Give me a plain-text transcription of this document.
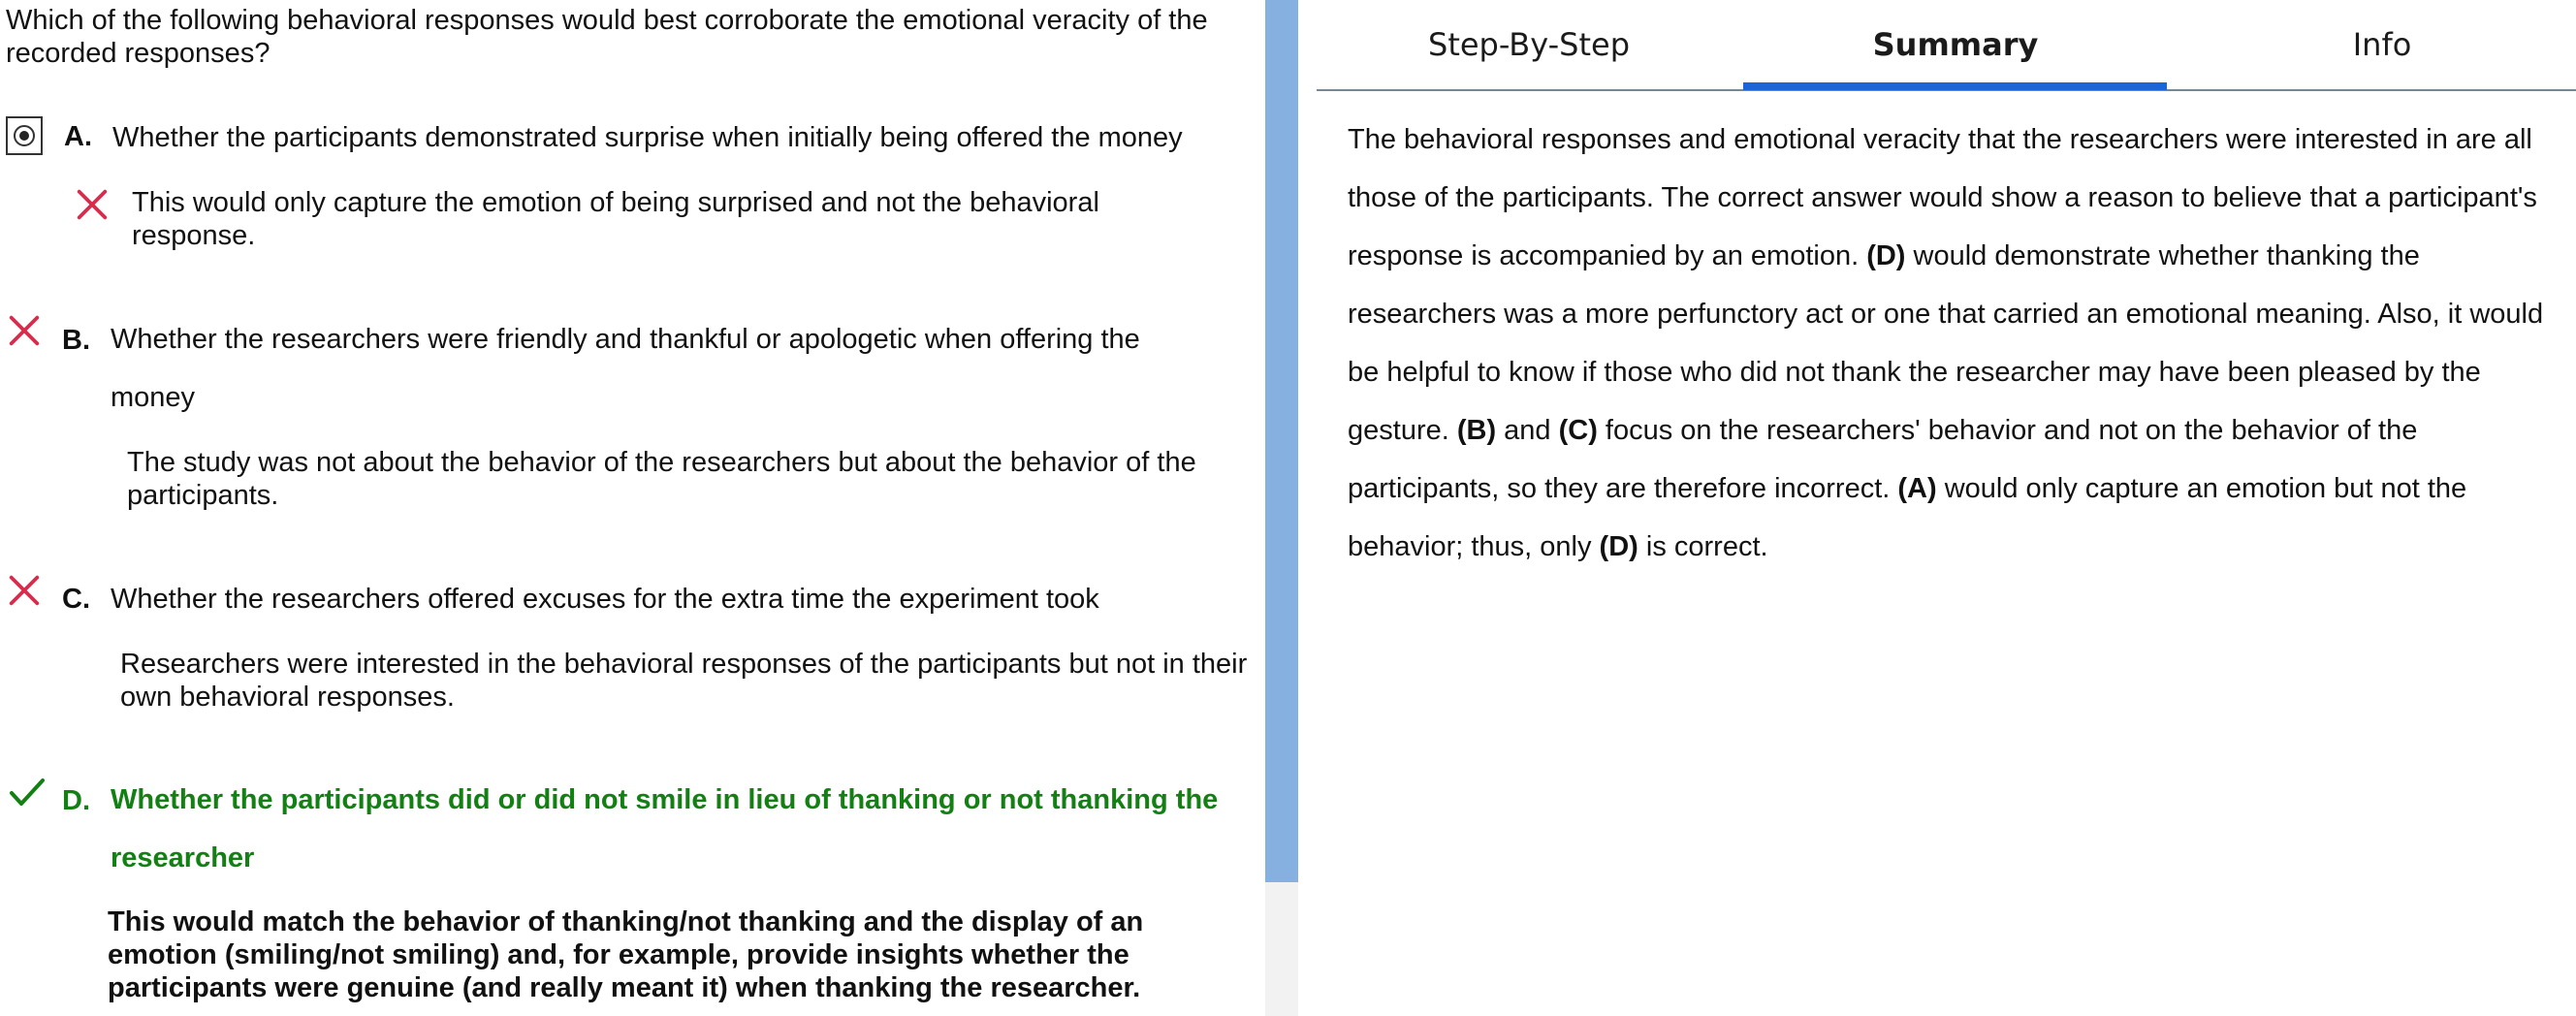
Which of the following behavioral responses would best corroborate the emotional veracity of the recorded responses?
A. Whether the participants demonstrated surprise when initially being offered the money
This would only capture the emotion of being surprised and not the behavioral response.
B. Whether the researchers were friendly and thankful or apologetic when offering the money
The study was not about the behavior of the researchers but about the behavior of the participants.
C. Whether the researchers offered excuses for the extra time the experiment took
Researchers were interested in the behavioral responses of the participants but not in their own behavioral responses.
D. Whether the participants did or did not smile in lieu of thanking or not thanking the researcher
This would match the behavior of thanking/not thanking and the display of an emotion (smiling/not smiling) and, for example, provide insights whether the participants were genuine (and really meant it) when thanking the researcher.
Step-By-Step	Summary	Info
The behavioral responses and emotional veracity that the researchers were interested in are all those of the participants. The correct answer would show a reason to believe that a participant's response is accompanied by an emotion. (D) would demonstrate whether thanking the researchers was a more perfunctory act or one that carried an emotional meaning. Also, it would be helpful to know if those who did not thank the researcher may have been pleased by the gesture. (B) and (C) focus on the researchers' behavior and not on the behavior of the participants, so they are therefore incorrect. (A) would only capture an emotion but not the behavior; thus, only (D) is correct.
